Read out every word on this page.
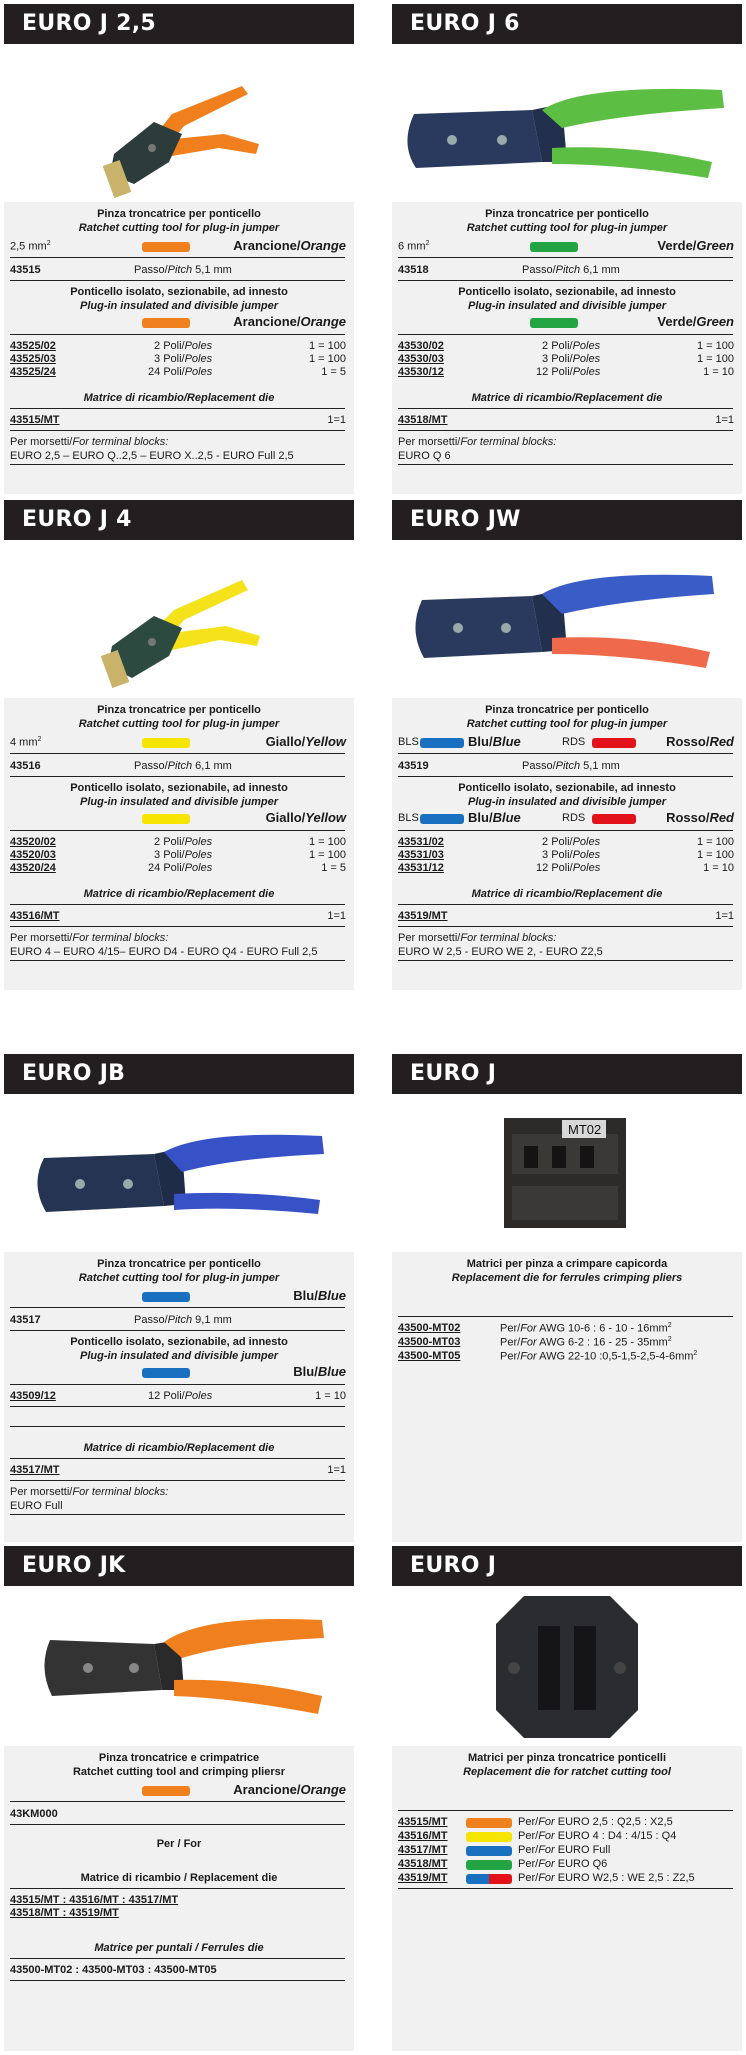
EURO J 2,5
Pinza troncatrice per ponticello
Ratchet cutting tool for plug-in jumper
2,5 $mm^2$	Arancione/Orange
43515	Passo/Pitch 5,1 mm
Ponticello isolato, sezionabile, ad innesto
Plug-in insulated and divisible jumper
Arancione/Orange
43525/02	2 Poli/Poles	1 = 100
43525/03	3 Poli/Poles	1 = 100
43525/24	24 Poli/Poles	1 = 5
Matrice di ricambio/Replacement die
43515/MT	1=1
Per morsetti/For terminal blocks:
EURO 2,5 – EURO Q..2,5 – EURO X..2,5 - EURO Full 2,5
EURO J 6
Pinza troncatrice per ponticello
Ratchet cutting tool for plug-in jumper
6 $mm^2$	Verde/Green
43518	Passo/Pitch 6,1 mm
Ponticello isolato, sezionabile, ad innesto
Plug-in insulated and divisible jumper
Verde/Green
43530/02	2 Poli/Poles	1 = 100
43530/03	3 Poli/Poles	1 = 100
43530/12	12 Poli/Poles	1 = 10
Matrice di ricambio/Replacement die
43518/MT	1=1
Per morsetti/For terminal blocks:
EURO Q 6
EURO J 4
Pinza troncatrice per ponticello
Ratchet cutting tool for plug-in jumper
4 $mm^2$	Giallo/Yellow
43516	Passo/Pitch 6,1 mm
Ponticello isolato, sezionabile, ad innesto
Plug-in insulated and divisible jumper
Giallo/Yellow
43520/02	2 Poli/Poles	1 = 100
43520/03	3 Poli/Poles	1 = 100
43520/24	24 Poli/Poles	1 = 5
Matrice di ricambio/Replacement die
43516/MT	1=1
Per morsetti/For terminal blocks:
EURO 4 – EURO 4/15– EURO D4 - EURO Q4 - EURO Full 2,5
EURO JW
Pinza troncatrice per ponticello
Ratchet cutting tool for plug-in jumper
BLS	Blu/Blue	RDS	Rosso/Red
43519	Passo/Pitch 5,1 mm
Ponticello isolato, sezionabile, ad innesto
Plug-in insulated and divisible jumper
BLS	Blu/Blue	RDS	Rosso/Red
43531/02	2 Poli/Poles	1 = 100
43531/03	3 Poli/Poles	1 = 100
43531/12	12 Poli/Poles	1 = 10
Matrice di ricambio/Replacement die
43519/MT	1=1
Per morsetti/For terminal blocks:
EURO W 2,5 - EURO WE 2, - EURO Z2,5
EURO JB
Pinza troncatrice per ponticello
Ratchet cutting tool for plug-in jumper
Blu/Blue
43517	Passo/Pitch 9,1 mm
Ponticello isolato, sezionabile, ad innesto
Plug-in insulated and divisible jumper
Blu/Blue
43509/12	12 Poli/Poles	1 = 10
Matrice di ricambio/Replacement die
43517/MT	1=1
Per morsetti/For terminal blocks:
EURO Full
EURO J
MT02
Matrici per pinza a crimpare capicorda
Replacement die for ferrules crimping pliers
43500-MT02	Per/For AWG 10-6 : $6 - 10 - 16mm^2$
43500-MT03	Per/For AWG 6-2 : $16 - 25 - 35mm^2$
43500-MT05	Per/For AWG 22-10 $:0,5-1,5-2,5-4-6mm^2$
EURO JK
Pinza troncatrice e crimpatrice
Ratchet cutting tool and crimping pliersr
Arancione/Orange
43KM000
Per / For
Matrice di ricambio / Replacement die
43515/MT : 43516/MT : 43517/MT
43518/MT : 43519/MT
Matrice per puntali / Ferrules die
43500-MT02 : 43500-MT03 : 43500-MT05
EURO J
Matrici per pinza troncatrice ponticelli
Replacement die for ratchet cutting tool
43515/MT	Per/For EURO 2,5 : Q2,5 : X2,5
43516/MT	Per/For EURO 4 : D4 : 4/15 : Q4
43517/MT	Per/For EURO Full
43518/MT	Per/For EURO Q6
43519/MT	Per/For EURO W2,5 : WE 2,5 : Z2,5
